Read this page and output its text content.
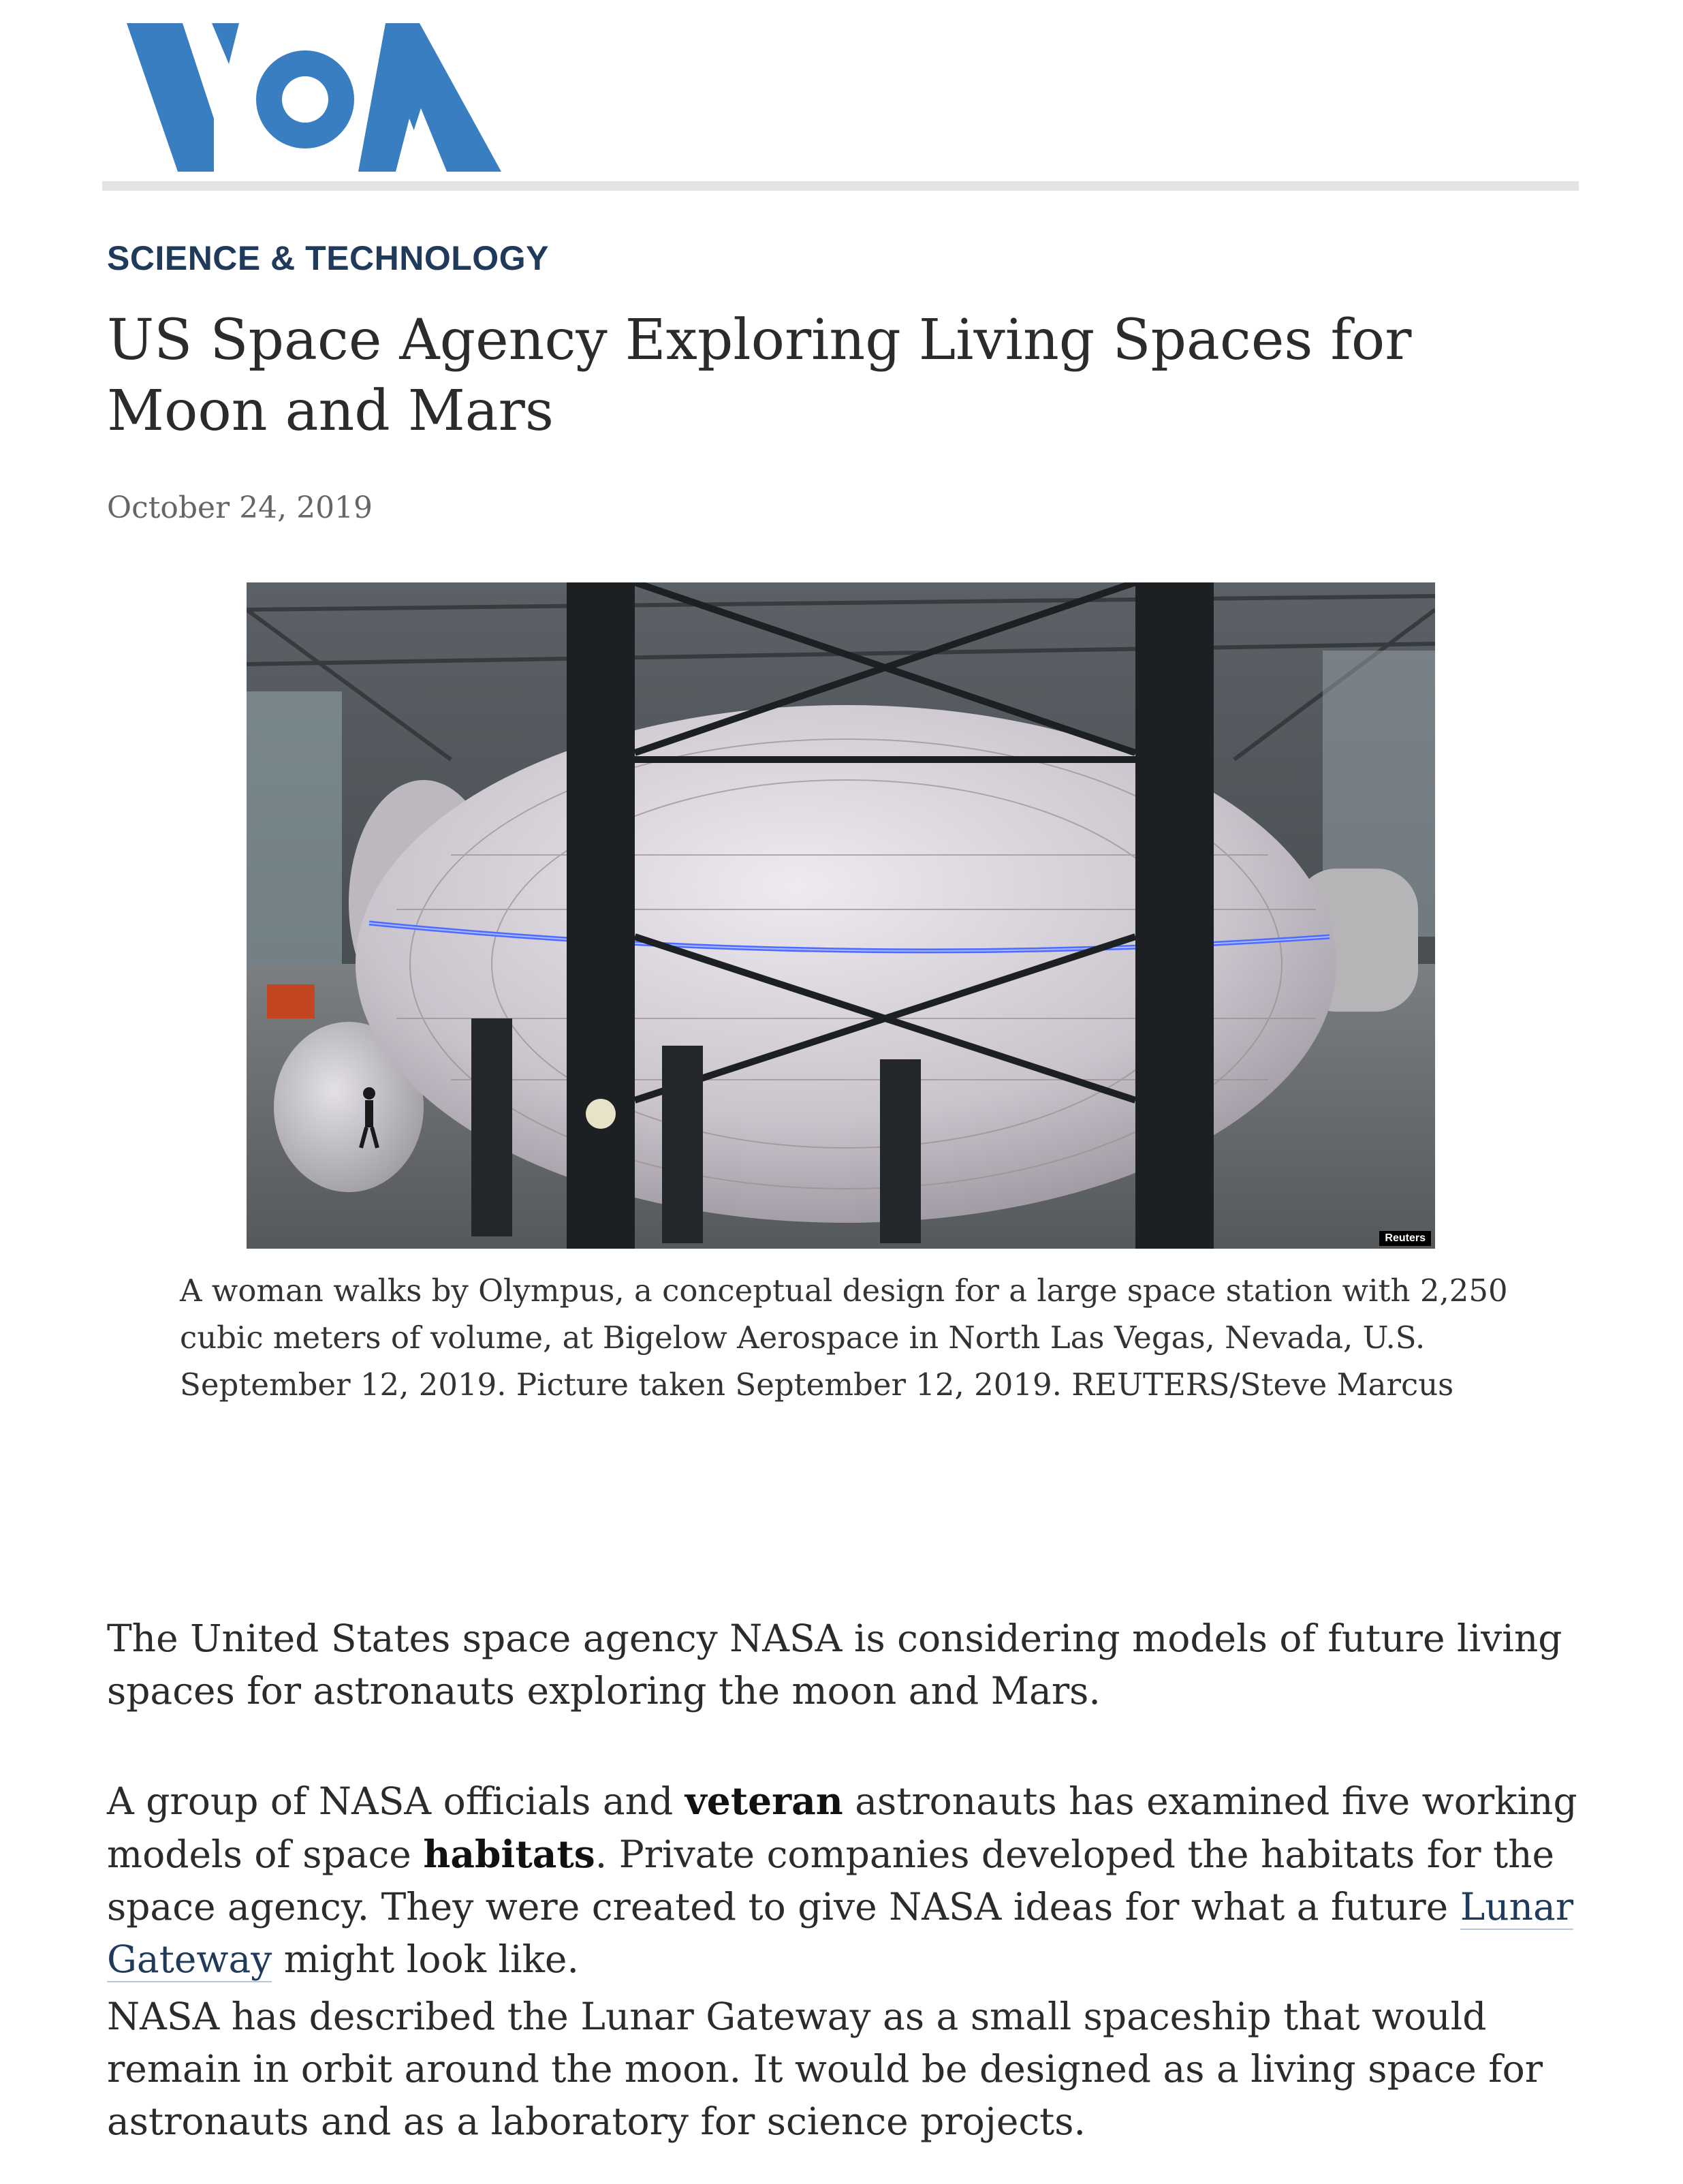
SCIENCE & TECHNOLOGY
US Space Agency Exploring Living Spaces for Moon and Mars
October 24, 2019
Reuters

A woman walks by Olympus, a conceptual design for a large space station with 2,250 cubic meters of volume, at Bigelow Aerospace in North Las Vegas, Nevada, U.S. September 12, 2019. Picture taken September 12, 2019. REUTERS/Steve Marcus

The United States space agency NASA is considering models of future living spaces for astronauts exploring the moon and Mars.

A group of NASA officials and veteran astronauts has examined five working models of space habitats. Private companies developed the habitats for the space agency. They were created to give NASA ideas for what a future Lunar Gateway might look like.

NASA has described the Lunar Gateway as a small spaceship that would remain in orbit around the moon. It would be designed as a living space for astronauts and as a laboratory for science projects.
